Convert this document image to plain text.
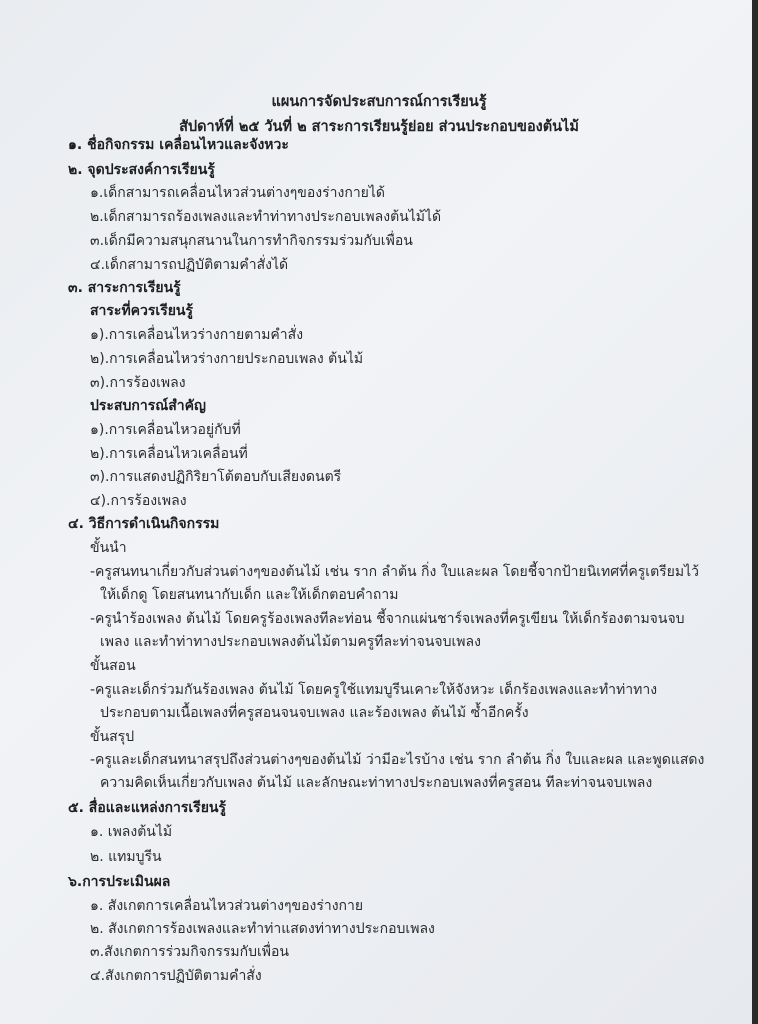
แผนการจัดประสบการณ์การเรียนรู้
สัปดาห์ที่ ๒๕ วันที่ ๒ สาระการเรียนรู้ย่อย ส่วนประกอบของต้นไม้
๑. ชื่อกิจกรรม เคลื่อนไหวและจังหวะ
๒. จุดประสงค์การเรียนรู้
๑.เด็กสามารถเคลื่อนไหวส่วนต่างๆของร่างกายได้
๒.เด็กสามารถร้องเพลงและทำท่าทางประกอบเพลงต้นไม้ได้
๓.เด็กมีความสนุกสนานในการทำกิจกรรมร่วมกับเพื่อน
๔.เด็กสามารถปฏิบัติตามคำสั่งได้
๓. สาระการเรียนรู้
สาระที่ควรเรียนรู้
๑).การเคลื่อนไหวร่างกายตามคำสั่ง
๒).การเคลื่อนไหวร่างกายประกอบเพลง ต้นไม้
๓).การร้องเพลง
ประสบการณ์สำคัญ
๑).การเคลื่อนไหวอยู่กับที่
๒).การเคลื่อนไหวเคลื่อนที่
๓).การแสดงปฏิกิริยาโต้ตอบกับเสียงดนตรี
๔).การร้องเพลง
๔. วิธีการดำเนินกิจกรรม
ขั้นนำ
-ครูสนทนาเกี่ยวกับส่วนต่างๆของต้นไม้ เช่น ราก ลำต้น กิ่ง ใบและผล โดยชี้จากป้ายนิเทศที่ครูเตรียมไว้
ให้เด็กดู โดยสนทนากับเด็ก และให้เด็กตอบคำถาม
-ครูนำร้องเพลง ต้นไม้ โดยครูร้องเพลงทีละท่อน ชี้จากแผ่นชาร์จเพลงที่ครูเขียน ให้เด็กร้องตามจนจบ
เพลง และทำท่าทางประกอบเพลงต้นไม้ตามครูทีละท่าจนจบเพลง
ขั้นสอน
-ครูและเด็กร่วมกันร้องเพลง ต้นไม้ โดยครูใช้แทมบูรีนเคาะให้จังหวะ เด็กร้องเพลงและทำท่าทาง
ประกอบตามเนื้อเพลงที่ครูสอนจนจบเพลง และร้องเพลง ต้นไม้ ซ้ำอีกครั้ง
ขั้นสรุป
-ครูและเด็กสนทนาสรุปถึงส่วนต่างๆของต้นไม้ ว่ามีอะไรบ้าง เช่น ราก ลำต้น กิ่ง ใบและผล และพูดแสดง
ความคิดเห็นเกี่ยวกับเพลง ต้นไม้ และลักษณะท่าทางประกอบเพลงที่ครูสอน ทีละท่าจนจบเพลง
๕. สื่อและแหล่งการเรียนรู้
๑. เพลงต้นไม้
๒. แทมบูรีน
๖.การประเมินผล
๑. สังเกตการเคลื่อนไหวส่วนต่างๆของร่างกาย
๒. สังเกตการร้องเพลงและทำท่าแสดงท่าทางประกอบเพลง
๓.สังเกตการร่วมกิจกรรมกับเพื่อน
๔.สังเกตการปฏิบัติตามคำสั่ง
